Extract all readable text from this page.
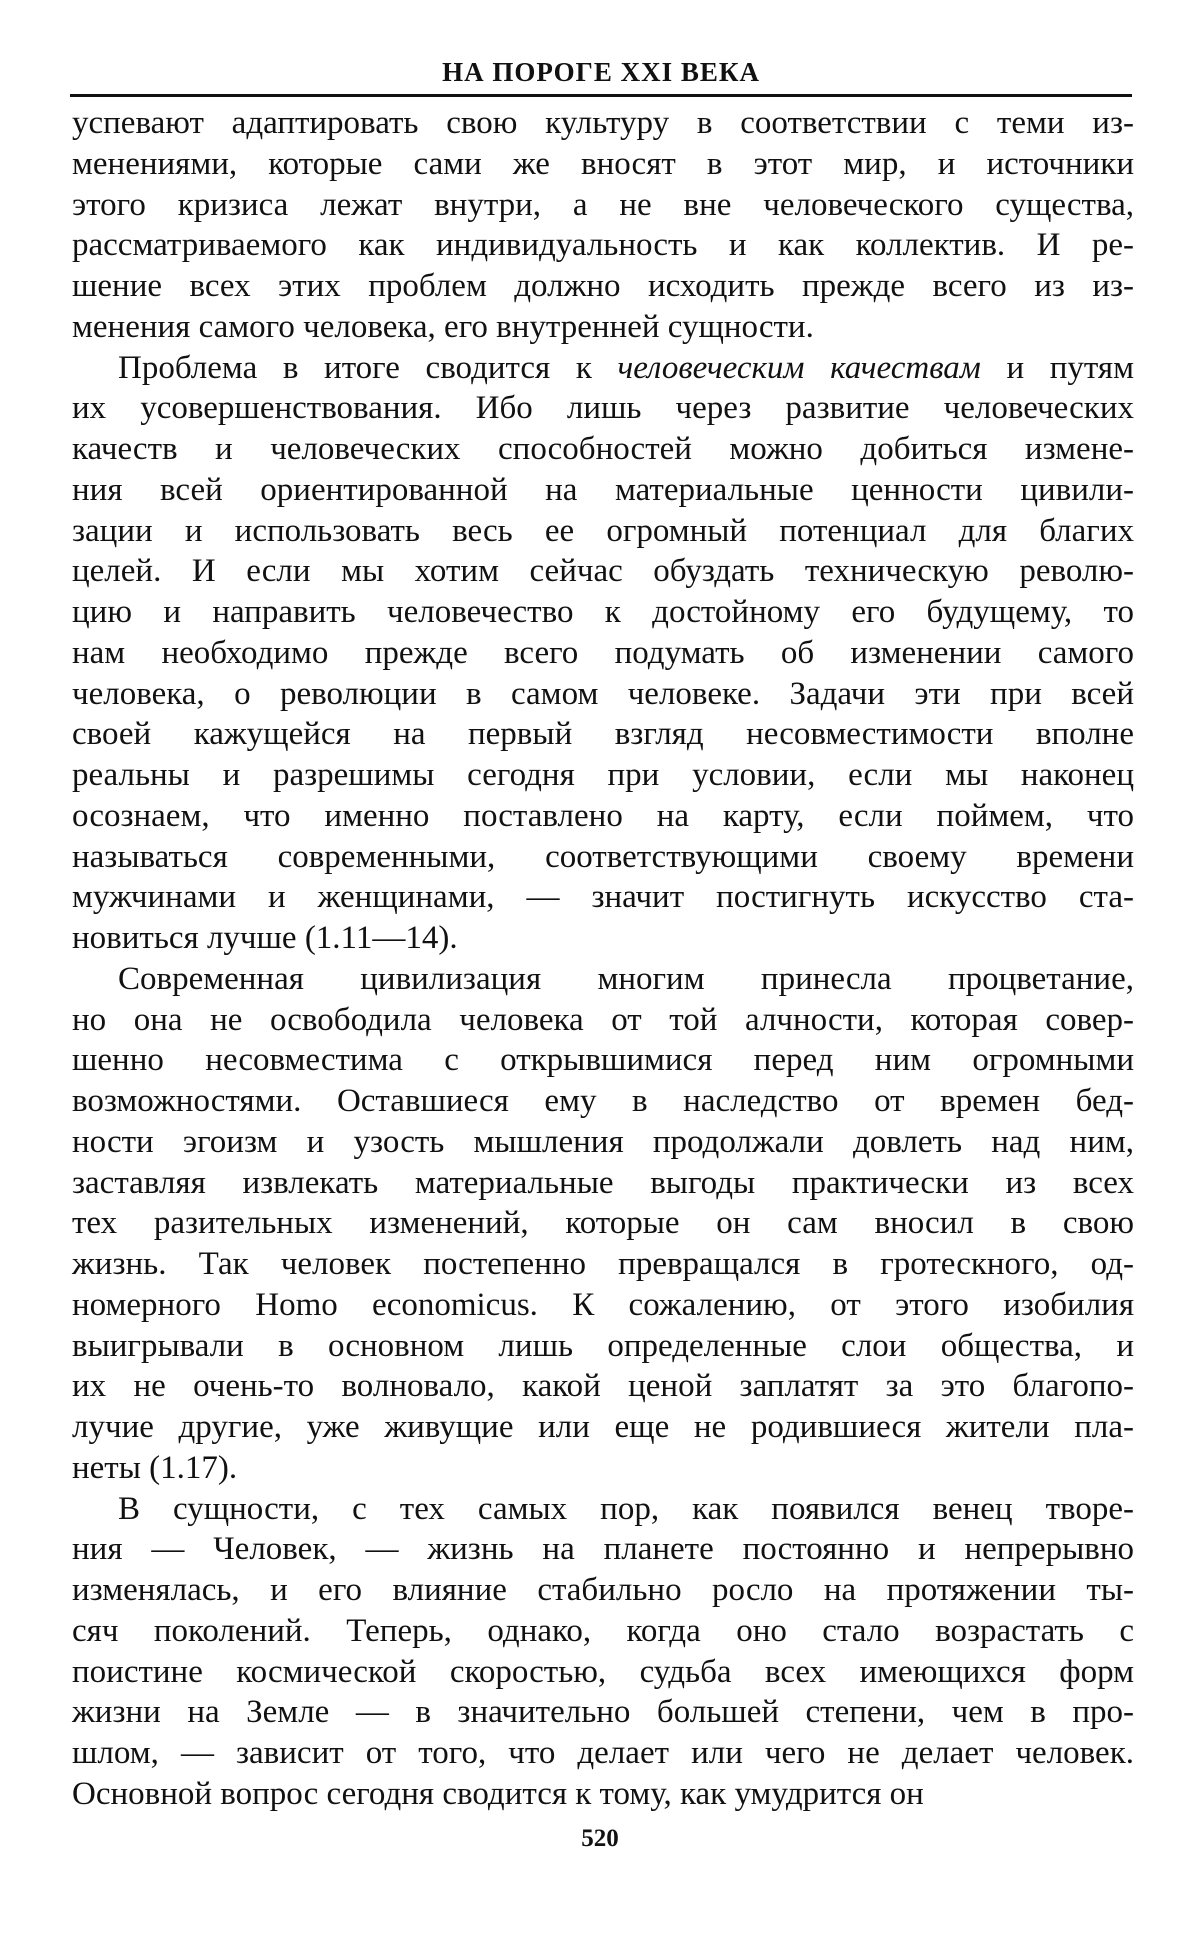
НА ПОРОГЕ XXI ВЕКА
успевают адаптировать свою культуру в соответствии с теми из-
менениями, которые сами же вносят в этот мир, и источники
этого кризиса лежат внутри, а не вне человеческого существа,
рассматриваемого как индивидуальность и как коллектив. И ре-
шение всех этих проблем должно исходить прежде всего из из-
менения самого человека, его внутренней сущности.
Проблема в итоге сводится к человеческим качествам и путям
их усовершенствования. Ибо лишь через развитие человеческих
качеств и человеческих способностей можно добиться измене-
ния всей ориентированной на материальные ценности цивили-
зации и использовать весь ее огромный потенциал для благих
целей. И если мы хотим сейчас обуздать техническую револю-
цию и направить человечество к достойному его будущему, то
нам необходимо прежде всего подумать об изменении самого
человека, о революции в самом человеке. Задачи эти при всей
своей кажущейся на первый взгляд несовместимости вполне
реальны и разрешимы сегодня при условии, если мы наконец
осознаем, что именно поставлено на карту, если поймем, что
называться современными, соответствующими своему времени
мужчинами и женщинами, — значит постигнуть искусство ста-
новиться лучше (1.11—14).
Современная цивилизация многим принесла процветание,
но она не освободила человека от той алчности, которая совер-
шенно несовместима с открывшимися перед ним огромными
возможностями. Оставшиеся ему в наследство от времен бед-
ности эгоизм и узость мышления продолжали довлеть над ним,
заставляя извлекать материальные выгоды практически из всех
тех разительных изменений, которые он сам вносил в свою
жизнь. Так человек постепенно превращался в гротескного, од-
номерного Homo economicus. К сожалению, от этого изобилия
выигрывали в основном лишь определенные слои общества, и
их не очень-то волновало, какой ценой заплатят за это благопо-
лучие другие, уже живущие или еще не родившиеся жители пла-
неты (1.17).
В сущности, с тех самых пор, как появился венец творе-
ния — Человек, — жизнь на планете постоянно и непрерывно
изменялась, и его влияние стабильно росло на протяжении ты-
сяч поколений. Теперь, однако, когда оно стало возрастать с
поистине космической скоростью, судьба всех имеющихся форм
жизни на Земле — в значительно большей степени, чем в про-
шлом, — зависит от того, что делает или чего не делает человек.
Основной вопрос сегодня сводится к тому, как умудрится он
520
